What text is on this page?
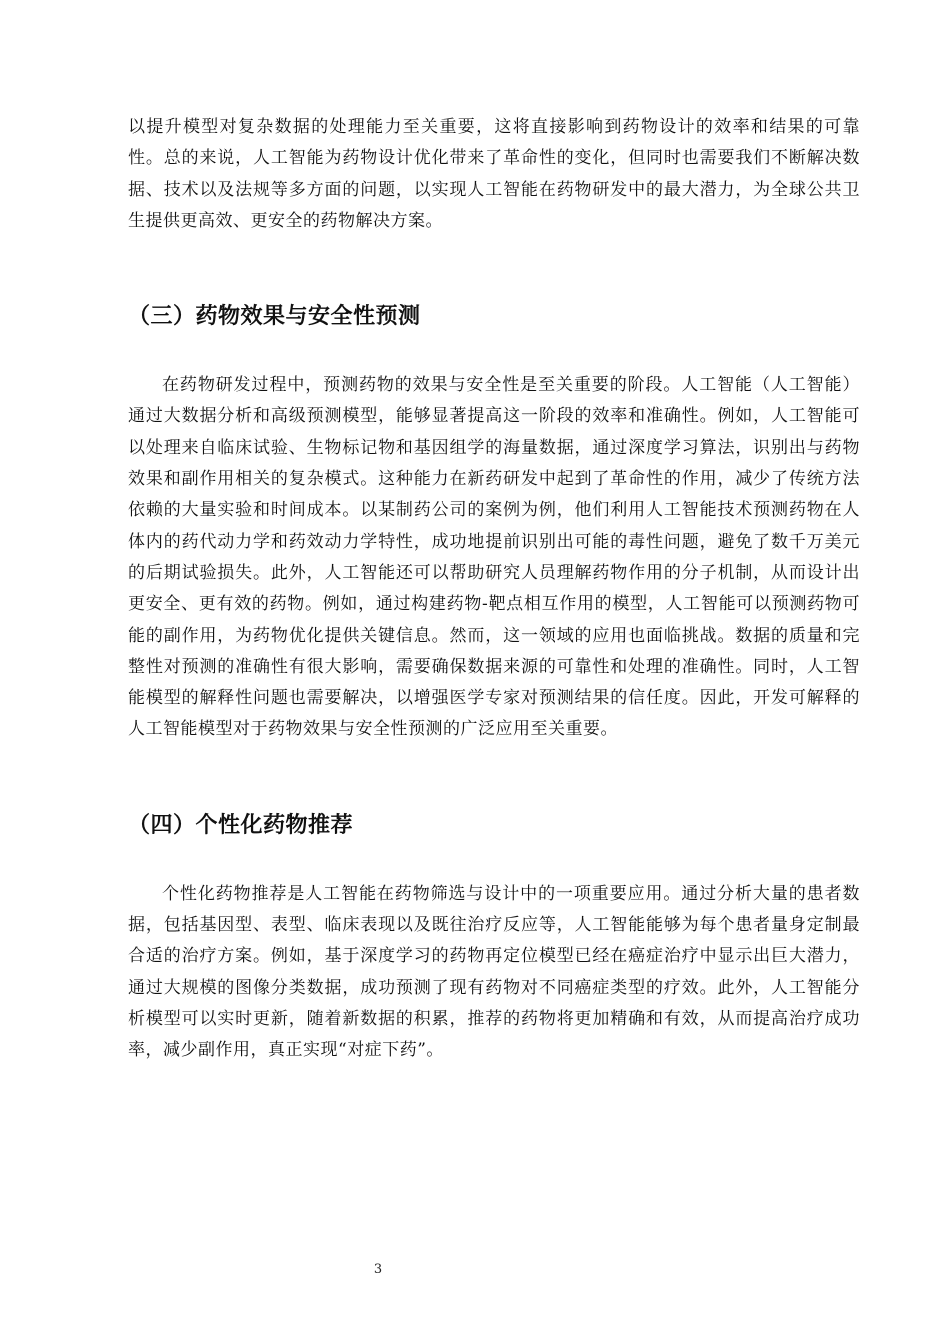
以提升模型对复杂数据的处理能力至关重要，这将直接影响到药物设计的效率和结果的可靠性。总的来说，人工智能为药物设计优化带来了革命性的变化，但同时也需要我们不断解决数据、技术以及法规等多方面的问题，以实现人工智能在药物研发中的最大潜力，为全球公共卫生提供更高效、更安全的药物解决方案。

（三）药物效果与安全性预测

在药物研发过程中，预测药物的效果与安全性是至关重要的阶段。人工智能（人工智能）通过大数据分析和高级预测模型，能够显著提高这一阶段的效率和准确性。例如，人工智能可以处理来自临床试验、生物标记物和基因组学的海量数据，通过深度学习算法，识别出与药物效果和副作用相关的复杂模式。这种能力在新药研发中起到了革命性的作用，减少了传统方法依赖的大量实验和时间成本。以某制药公司的案例为例，他们利用人工智能技术预测药物在人体内的药代动力学和药效动力学特性，成功地提前识别出可能的毒性问题，避免了数千万美元的后期试验损失。此外，人工智能还可以帮助研究人员理解药物作用的分子机制，从而设计出更安全、更有效的药物。例如，通过构建药物-靶点相互作用的模型，人工智能可以预测药物可能的副作用，为药物优化提供关键信息。然而，这一领域的应用也面临挑战。数据的质量和完整性对预测的准确性有很大影响，需要确保数据来源的可靠性和处理的准确性。同时，人工智能模型的解释性问题也需要解决，以增强医学专家对预测结果的信任度。因此，开发可解释的人工智能模型对于药物效果与安全性预测的广泛应用至关重要。

（四）个性化药物推荐

个性化药物推荐是人工智能在药物筛选与设计中的一项重要应用。通过分析大量的患者数据，包括基因型、表型、临床表现以及既往治疗反应等，人工智能能够为每个患者量身定制最合适的治疗方案。例如，基于深度学习的药物再定位模型已经在癌症治疗中显示出巨大潜力，通过大规模的图像分类数据，成功预测了现有药物对不同癌症类型的疗效。此外，人工智能分析模型可以实时更新，随着新数据的积累，推荐的药物将更加精确和有效，从而提高治疗成功率，减少副作用，真正实现“对症下药”。

3
